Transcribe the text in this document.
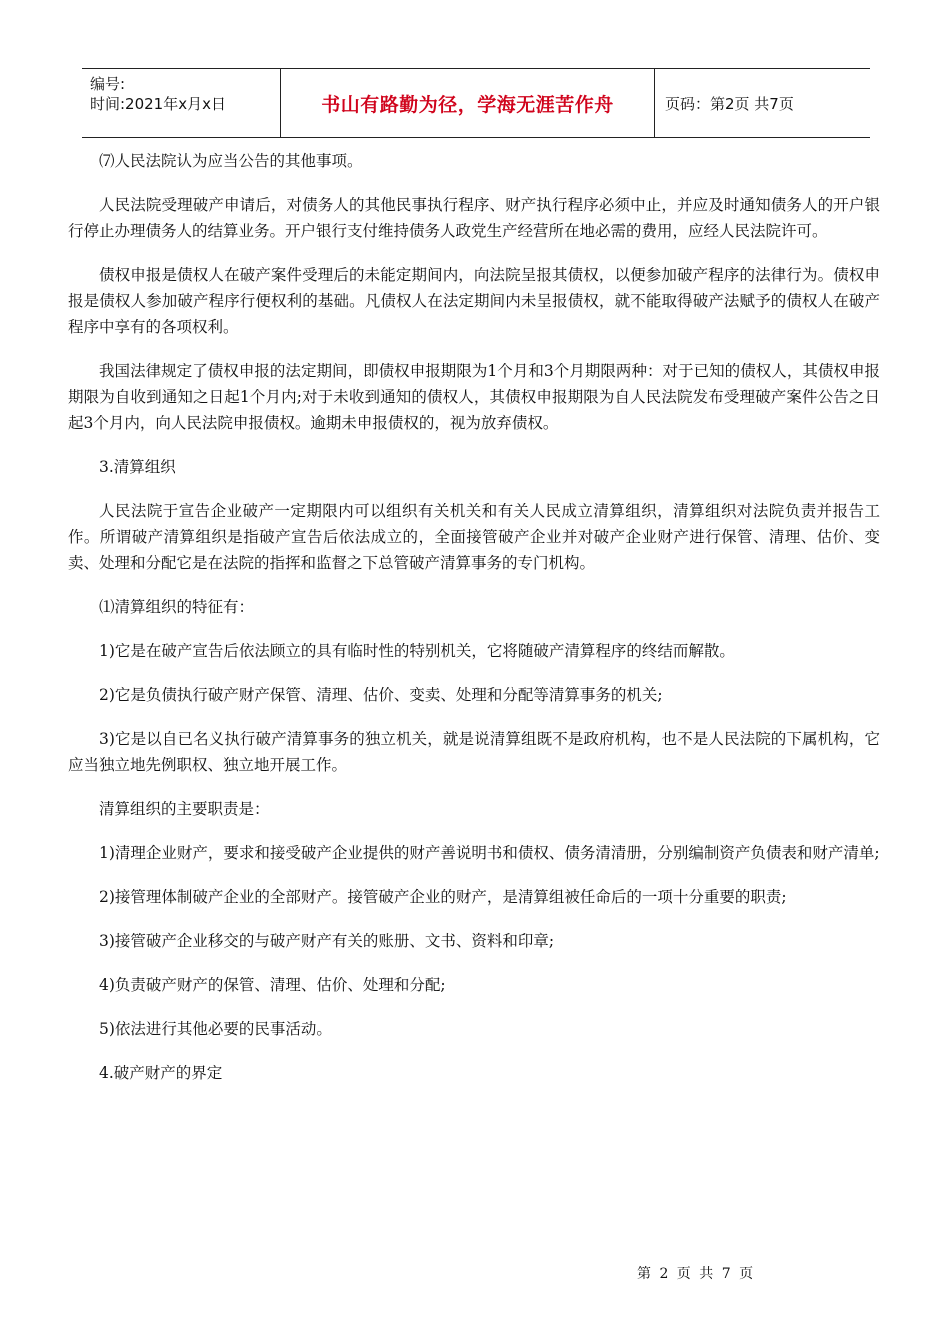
编号:
时间:2021年x月x日	书山有路勤为径，学海无涯苦作舟	页码：第2页 共7页

⑺人民法院认为应当公告的其他事项。

人民法院受理破产申请后，对债务人的其他民事执行程序、财产执行程序必须中止，并应及时通知债务人的开户银行停止办理债务人的结算业务。开户银行支付维持债务人政党生产经营所在地必需的费用，应经人民法院许可。

债权申报是债权人在破产案件受理后的未能定期间内，向法院呈报其债权，以便参加破产程序的法律行为。债权申报是债权人参加破产程序行便权利的基础。凡债权人在法定期间内未呈报债权，就不能取得破产法赋予的债权人在破产程序中享有的各项权利。

我国法律规定了债权申报的法定期间，即债权申报期限为1个月和3个月期限两种：对于已知的债权人，其债权申报期限为自收到通知之日起1个月内;对于未收到通知的债权人，其债权申报期限为自人民法院发布受理破产案件公告之日起3个月内，向人民法院申报债权。逾期未申报债权的，视为放弃债权。

3.清算组织

人民法院于宣告企业破产一定期限内可以组织有关机关和有关人民成立清算组织，清算组织对法院负责并报告工作。所谓破产清算组织是指破产宣告后依法成立的，全面接管破产企业并对破产企业财产进行保管、清理、估价、变卖、处理和分配它是在法院的指挥和监督之下总管破产清算事务的专门机构。

⑴清算组织的特征有：

1)它是在破产宣告后依法顾立的具有临时性的特别机关，它将随破产清算程序的终结而解散。

2)它是负债执行破产财产保管、清理、估价、变卖、处理和分配等清算事务的机关;

3)它是以自已名义执行破产清算事务的独立机关，就是说清算组既不是政府机构，也不是人民法院的下属机构，它应当独立地先例职权、独立地开展工作。

清算组织的主要职责是：

1)清理企业财产，要求和接受破产企业提供的财产善说明书和债权、债务清清册，分别编制资产负债表和财产清单;

2)接管理体制破产企业的全部财产。接管破产企业的财产，是清算组被任命后的一项十分重要的职责;

3)接管破产企业移交的与破产财产有关的账册、文书、资料和印章;

4)负责破产财产的保管、清理、估价、处理和分配;

5)依法进行其他必要的民事活动。

4.破产财产的界定

第 2 页 共 7 页
